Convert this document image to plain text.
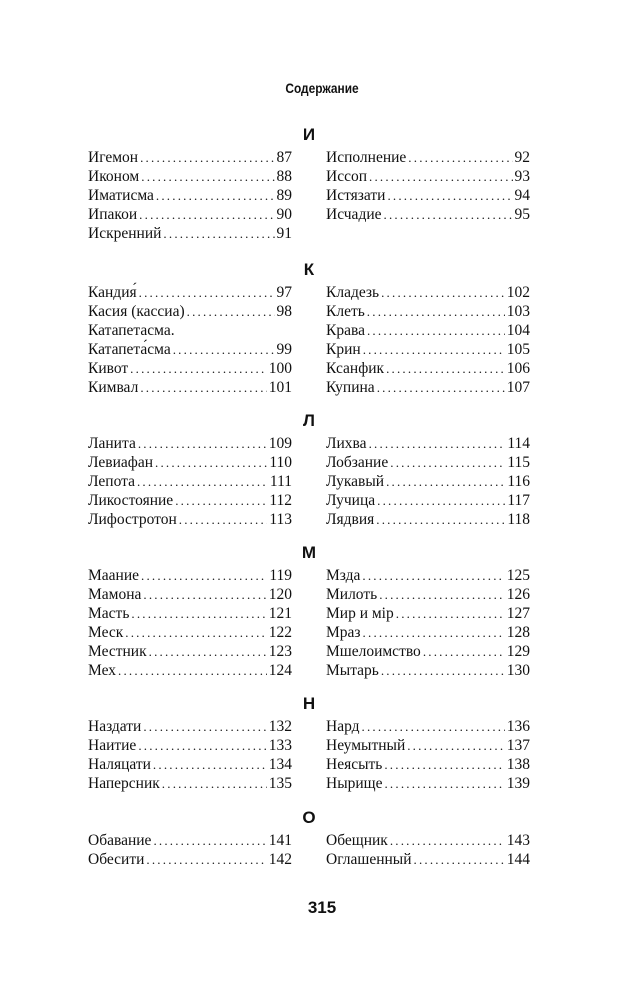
Содержание
И
Игемон .....	87
Иконом .....	88
Иматисма .....	89
Ипакои .....	90
Искренний .....	91
Исполнение .....	92
Иссоп .....	93
Истязати .....	94
Исчадие .....	95
К
Кандия́ .....	97
Касия (кассиа) .....	98
Катапетасма.
Катапета́сма .....	99
Кивот .....	100
Кимвал .....	101
Кладезь .....	102
Клеть .....	103
Крава .....	104
Крин .....	105
Ксанфик .....	106
Купина .....	107
Л
Ланита .....	109
Левиафан .....	110
Лепота .....	111
Ликостояние .....	112
Лифостротон .....	113
Лихва .....	114
Лобзание .....	115
Лукавый .....	116
Лучица .....	117
Лядвия .....	118
М
Маание .....	119
Мамона .....	120
Масть .....	121
Меск .....	122
Местник .....	123
Мех .....	124
Мзда .....	125
Милоть .....	126
Мир и мір .....	127
Мраз .....	128
Мшелоимство .....	129
Мытарь .....	130
Н
Наздати .....	132
Наитие .....	133
Наляцати .....	134
Наперсник .....	135
Нард .....	136
Неумытный .....	137
Неясыть .....	138
Нырище .....	139
О
Обавание .....	141
Обесити .....	142
Обещник .....	143
Оглашенный .....	144
315
